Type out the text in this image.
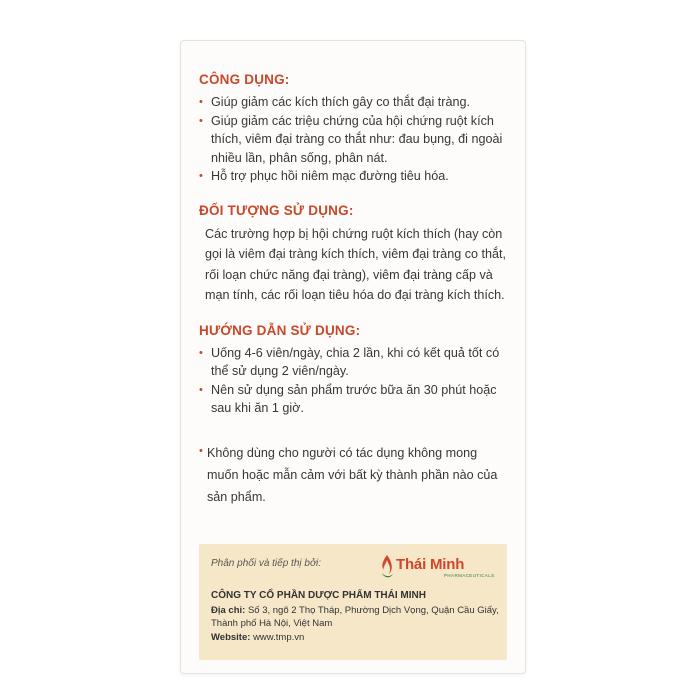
CÔNG DỤNG:
• Giúp giảm các kích thích gây co thắt đại tràng.
• Giúp giảm các triệu chứng của hội chứng ruột kích thích, viêm đại tràng co thắt như: đau bụng, đi ngoài nhiều lần, phân sống, phân nát.
• Hỗ trợ phục hồi niêm mạc đường tiêu hóa.
ĐỐI TƯỢNG SỬ DỤNG:
Các trường hợp bị hội chứng ruột kích thích (hay còn gọi là viêm đại tràng kích thích, viêm đại tràng co thắt, rối loạn chức năng đại tràng), viêm đại tràng cấp và mạn tính, các rối loạn tiêu hóa do đại tràng kích thích.
HƯỚNG DẪN SỬ DỤNG:
• Uống 4-6 viên/ngày, chia 2 lần, khi có kết quả tốt có thể sử dụng 2 viên/ngày.
• Nên sử dụng sản phẩm trước bữa ăn 30 phút hoặc sau khi ăn 1 giờ.
• Không dùng cho người có tác dụng không mong muốn hoặc mẫn cảm với bất kỳ thành phần nào của sản phẩm.
Phân phối và tiếp thị bởi:	Thái Minh
PHARMACEUTICALS
CÔNG TY CỔ PHẦN DƯỢC PHẨM THÁI MINH
Địa chỉ: Số 3, ngõ 2 Thọ Tháp, Phường Dịch Vọng, Quận Cầu Giấy, Thành phố Hà Nội, Việt Nam
Website: www.tmp.vn
